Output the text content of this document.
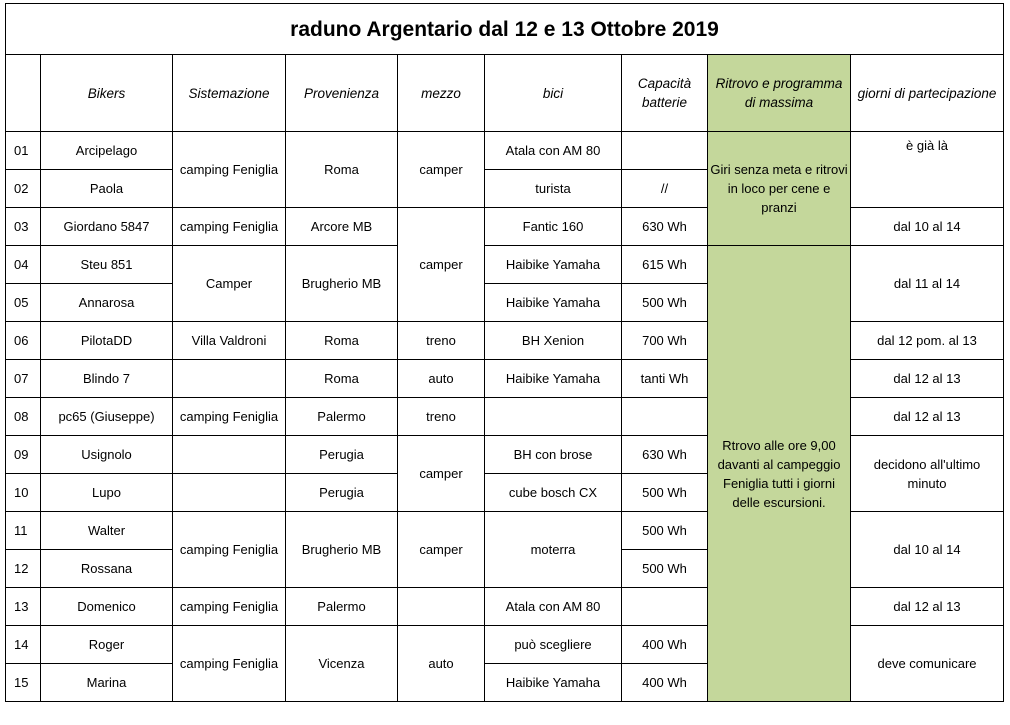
raduno Argentario dal 12 e 13 Ottobre 2019								
	Bikers	Sistemazione	Provenienza	mezzo	bici	Capacità batterie	Ritrovo e programma di massima	giorni di partecipazione
01	Arcipelago	camping Feniglia	Roma	camper	Atala con AM 80		Giri senza meta e ritrovi in loco per cene e pranzi	è già là
02	Paola				turista	//		
03	Giordano 5847	camping Feniglia	Arcore MB	camper	Fantic 160	630 Wh		dal 10 al 14
04	Steu 851	Camper	Brugherio MB		Haibike Yamaha	615 Wh	Rtrovo alle ore 9,00 davanti al campeggio Feniglia tutti i giorni delle escursioni.	dal 11 al 14
05	Annarosa				Haibike Yamaha	500 Wh		
06	PilotaDD	Villa Valdroni	Roma	treno	BH Xenion	700 Wh		dal 12 pom. al 13
07	Blindo 7		Roma	auto	Haibike Yamaha	tanti Wh		dal 12 al 13
08	pc65 (Giuseppe)	camping Feniglia	Palermo	treno				dal 12 al 13
09	Usignolo		Perugia	camper	BH con brose	630 Wh		decidono all'ultimo minuto
10	Lupo		Perugia		cube bosch CX	500 Wh		
11	Walter	camping Feniglia	Brugherio MB	camper	moterra	500 Wh		dal 10 al 14
12	Rossana					500 Wh		
13	Domenico	camping Feniglia	Palermo		Atala con AM 80			dal 12 al 13
14	Roger	camping Feniglia	Vicenza	auto	può scegliere	400 Wh		deve comunicare
15	Marina				Haibike Yamaha	400 Wh		
